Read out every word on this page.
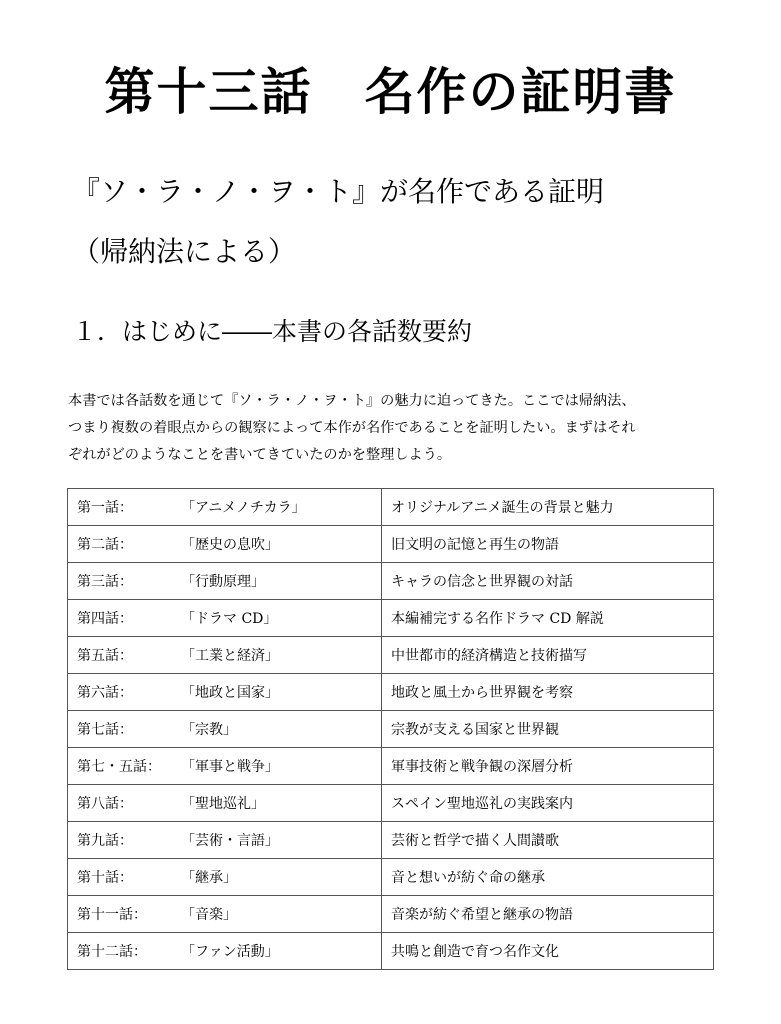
第十三話　名作の証明書
『ソ・ラ・ノ・ヲ・ト』が名作である証明
（帰納法による）
１．はじめに――本書の各話数要約

本書では各話数を通じて『ソ・ラ・ノ・ヲ・ト』の魅力に迫ってきた。ここでは帰納法、

つまり複数の着眼点からの観察によって本作が名作であることを証明したい。まずはそれ

ぞれがどのようなことを書いてきていたのかを整理しよう。

第一話： 「アニメノチカラ」	オリジナルアニメ誕生の背景と魅力
第二話： 「歴史の息吹」	旧文明の記憶と再生の物語
第三話： 「行動原理」	キャラの信念と世界観の対話
第四話： 「ドラマ CD」	本編補完する名作ドラマ CD 解説
第五話： 「工業と経済」	中世都市的経済構造と技術描写
第六話： 「地政と国家」	地政と風土から世界観を考察
第七話： 「宗教」	宗教が支える国家と世界観
第七・五話： 「軍事と戦争」	軍事技術と戦争観の深層分析
第八話： 「聖地巡礼」	スペイン聖地巡礼の実践案内
第九話： 「芸術・言語」	芸術と哲学で描く人間讃歌
第十話： 「継承」	音と想いが紡ぐ命の継承
第十一話： 「音楽」	音楽が紡ぐ希望と継承の物語
第十二話： 「ファン活動」	共鳴と創造で育つ名作文化
